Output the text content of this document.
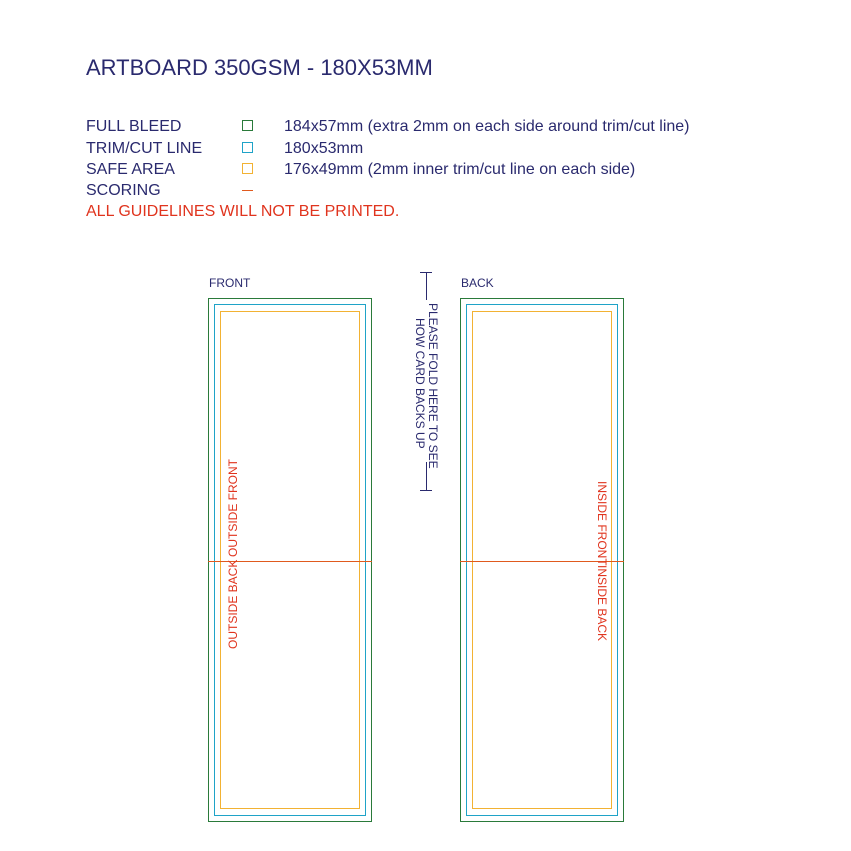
ARTBOARD 350GSM - 180X53MM
FULL BLEED	184x57mm (extra 2mm on each side around trim/cut line)
TRIM/CUT LINE	180x53mm
SAFE AREA	176x49mm (2mm inner trim/cut line on each side)
SCORING
ALL GUIDELINES WILL NOT BE PRINTED.
FRONT
OUTSIDE FRONT
OUTSIDE BACK
PLEASE FOLD HERE TO SEE
HOW CARD BACKS UP
BACK
INSIDE FRONT
INSIDE BACK
